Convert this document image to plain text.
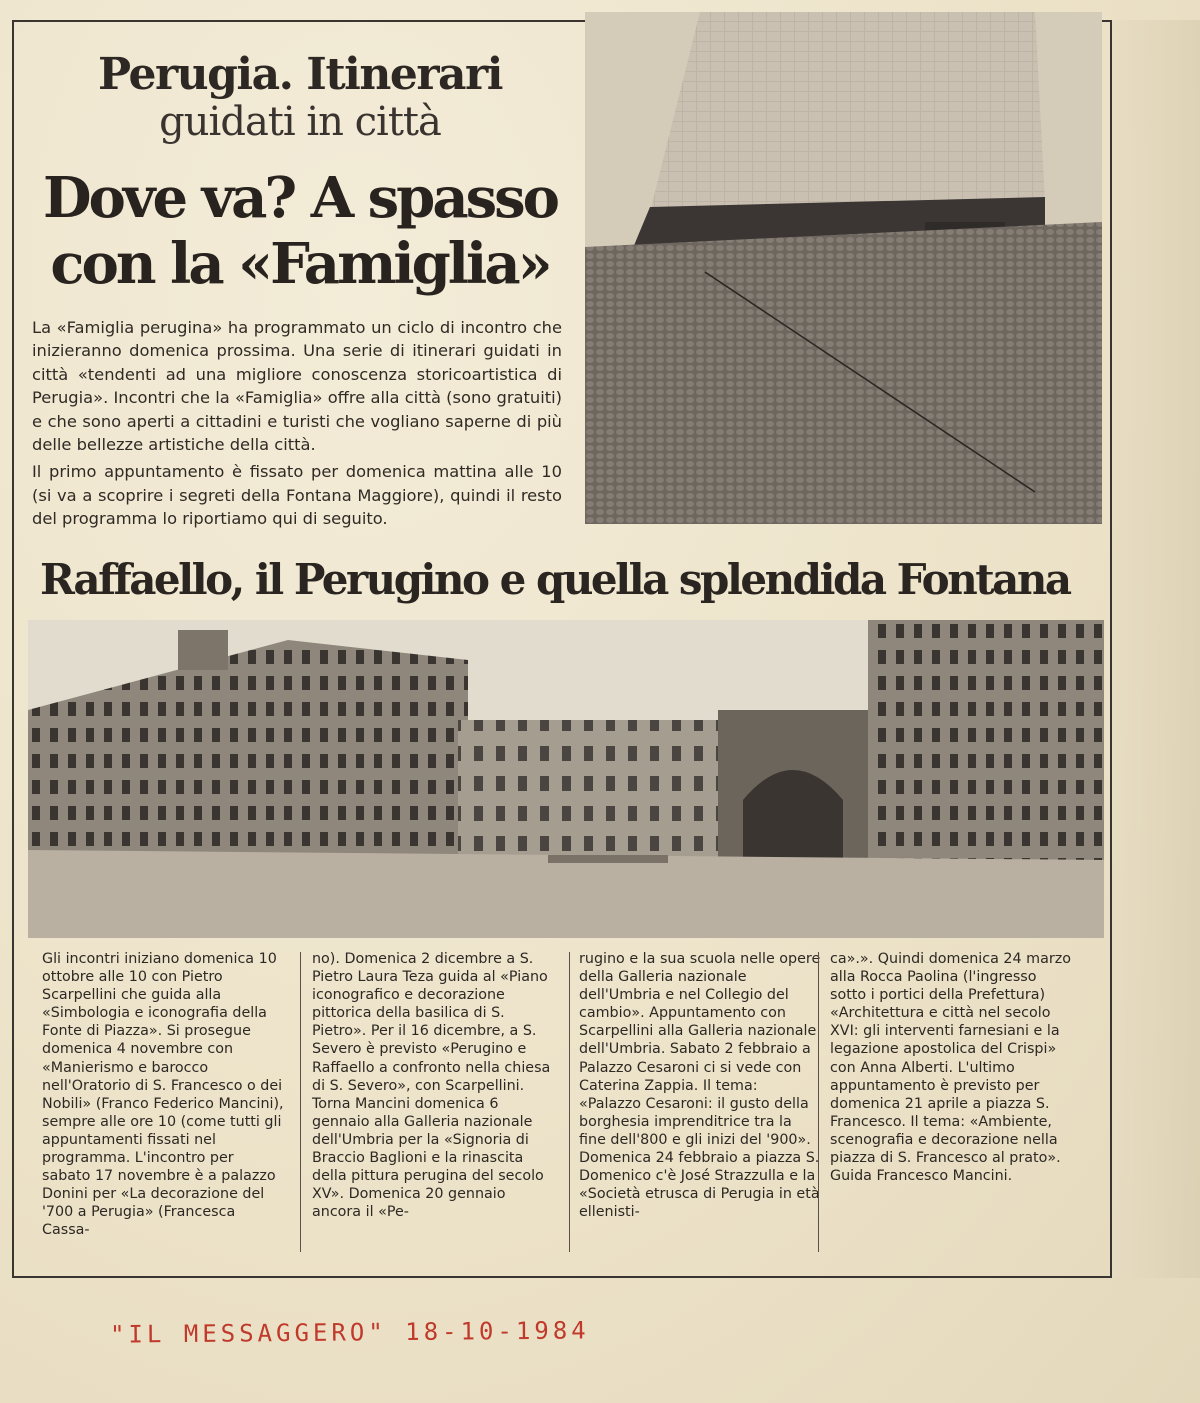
Perugia. Itinerari
guidati in città
Dove va? A spasso
con la «Famiglia»

La «Famiglia perugina» ha programmato un ciclo di incontro che inizieranno domenica prossima. Una serie di itinerari guidati in città «tendenti ad una migliore conoscenza storicoartistica di Perugia». Incontri che la «Famiglia» offre alla città (sono gratuiti) e che sono aperti a cittadini e turisti che vogliano saperne di più delle bellezze artistiche della città.

Il primo appuntamento è fissato per domenica mattina alle 10 (si va a scoprire i segreti della Fontana Maggiore), quindi il resto del programma lo riportiamo qui di seguito.

Raffaello, il Perugino e quella splendida Fontana
Gli incontri iniziano domenica 10 ottobre alle 10 con Pietro Scarpellini che guida alla «Simbologia e iconografia della Fonte di Piazza». Si prosegue domenica 4 novembre con «Manierismo e barocco nell'Oratorio di S. Francesco o dei Nobili» (Franco Federico Mancini), sempre alle ore 10 (come tutti gli appuntamenti fissati nel programma. L'incontro per sabato 17 novembre è a palazzo Donini per «La decorazione del '700 a Perugia» (Francesca Cassa-
no). Domenica 2 dicembre a S. Pietro Laura Teza guida al «Piano iconografico e decorazione pittorica della basilica di S. Pietro». Per il 16 dicembre, a S. Severo è previsto «Perugino e Raffaello a confronto nella chiesa di S. Severo», con Scarpellini.
Torna Mancini domenica 6 gennaio alla Galleria nazionale dell'Umbria per la «Signoria di Braccio Baglioni e la rinascita della pittura perugina del secolo XV». Domenica 20 gennaio ancora il «Pe-
rugino e la sua scuola nelle opere della Galleria nazionale dell'Umbria e nel Collegio del cambio». Appuntamento con Scarpellini alla Galleria nazionale dell'Umbria. Sabato 2 febbraio a Palazzo Cesaroni ci si vede con Caterina Zappia. Il tema: «Palazzo Cesaroni: il gusto della borghesia imprenditrice tra la fine dell'800 e gli inizi del '900».
Domenica 24 febbraio a piazza S. Domenico c'è José Strazzulla e la «Società etrusca di Perugia in età ellenisti-
ca».». Quindi domenica 24 marzo alla Rocca Paolina (l'ingresso sotto i portici della Prefettura) «Architettura e città nel secolo XVI: gli interventi farnesiani e la legazione apostolica del Crispi» con Anna Alberti. L'ultimo appuntamento è previsto per domenica 21 aprile a piazza S. Francesco. Il tema: «Ambiente, scenografia e decorazione nella piazza di S. Francesco al prato». Guida Francesco Mancini.
"IL MESSAGGERO" 18-10-1984
